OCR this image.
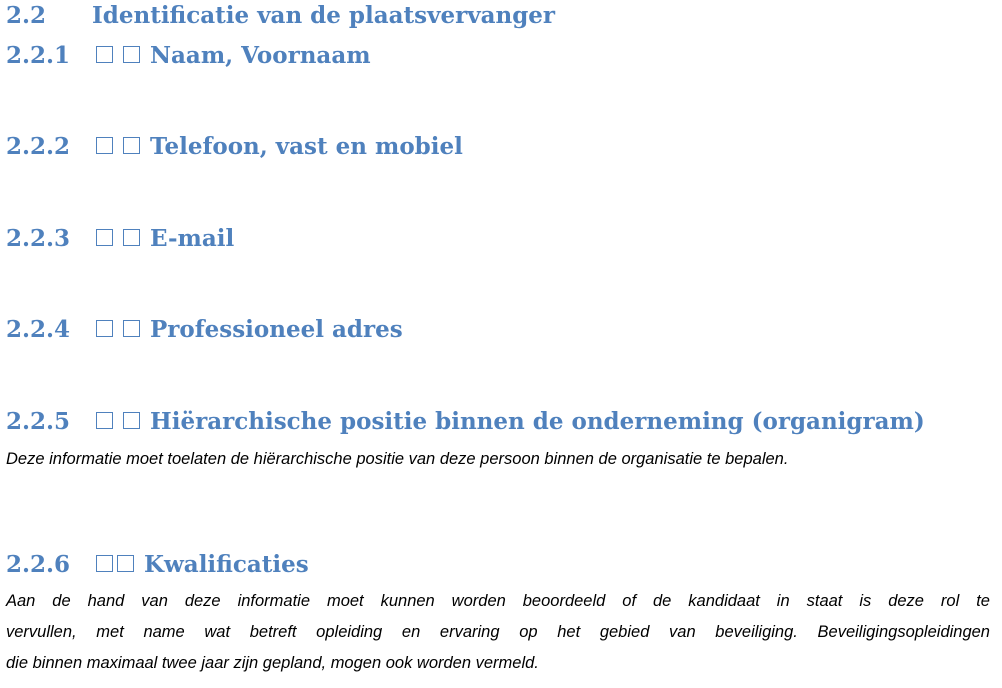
2.2	Identificatie van de plaatsvervanger
2.2.1	Naam, Voornaam
2.2.2	Telefoon, vast en mobiel
2.2.3	E-mail
2.2.4	Professioneel adres
2.2.5	Hiërarchische positie binnen de onderneming (organigram)

Deze informatie moet toelaten de hiërarchische positie van deze persoon binnen de organisatie te bepalen.

2.2.6	Kwalificaties
Aan de hand van deze informatie moet kunnen worden beoordeeld of de kandidaat in staat is deze rol te
vervullen, met name wat betreft opleiding en ervaring op het gebied van beveiliging. Beveiligingsopleidingen
die binnen maximaal twee jaar zijn gepland, mogen ook worden vermeld.
